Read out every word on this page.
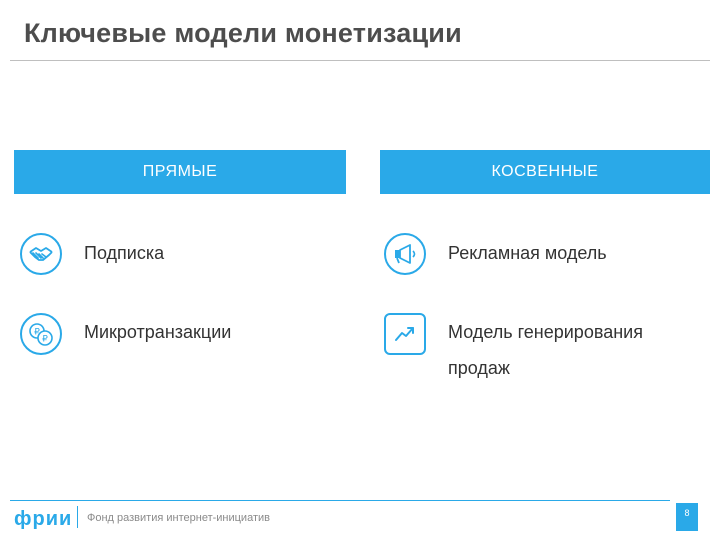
Ключевые модели монетизации
ПРЯМЫЕ	КОСВЕННЫЕ
Подписка
₽
₽ Микротранзакции
Рекламная модель
Модель генерирования продаж
фрии Фонд развития интернет-инициатив	8
